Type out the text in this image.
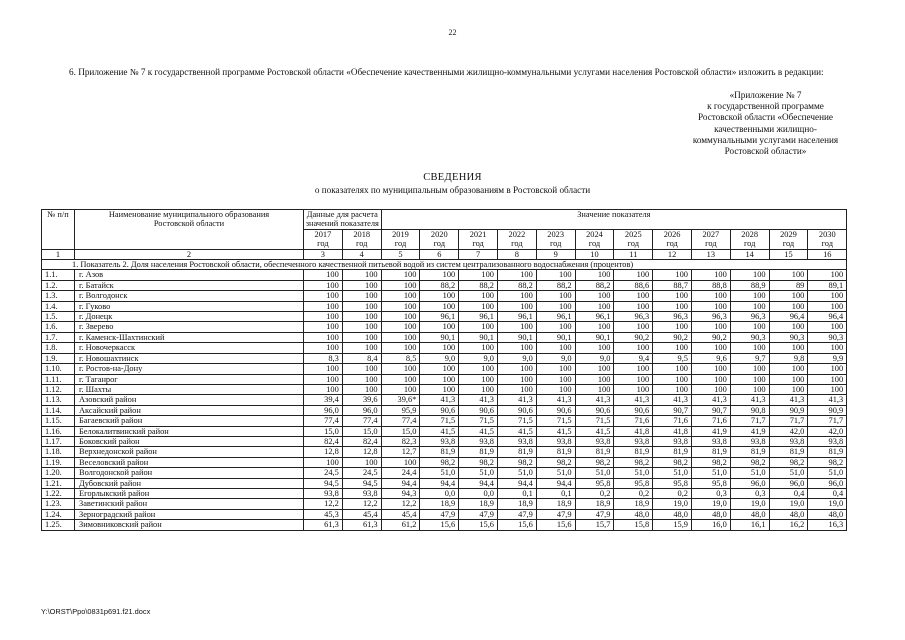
22
6. Приложение № 7 к государственной программе Ростовской области «Обеспечение качественными жилищно-коммунальными услугами населения Ростовской области» изложить в редакции:
«Приложение № 7
к государственной программе
Ростовской области «Обеспечение
качественными жилищно-
коммунальными услугами населения
Ростовской области»
СВЕДЕНИЯ
о показателях по муниципальным образованиям в Ростовской области
№ п/п	Наименование муниципального образования Ростовской области	Данные для расчета значений показателя		Значение показателя											
		2017	2018	2019	2020	2021	2022	2023	2024	2025	2026	2027	2028	2029	2030
		год	год	год	год	год	год	год	год	год	год	год	год	год	год
1	2	3	4	5	6	7	8	9	10	11	12	13	14	15	16
1. Показатель 2. Доля населения Ростовской области, обеспеченного качественной питьевой водой из систем централизованного водоснабжения (процентов)															
1.1.	г. Азов	100	100	100	100	100	100	100	100	100	100	100	100	100	100
1.2.	г. Батайск	100	100	100	88,2	88,2	88,2	88,2	88,2	88,6	88,7	88,8	88,9	89	89,1
1.3.	г. Волгодонск	100	100	100	100	100	100	100	100	100	100	100	100	100	100
1.4.	г. Гуково	100	100	100	100	100	100	100	100	100	100	100	100	100	100
1.5.	г. Донецк	100	100	100	96,1	96,1	96,1	96,1	96,1	96,3	96,3	96,3	96,3	96,4	96,4
1.6.	г. Зверево	100	100	100	100	100	100	100	100	100	100	100	100	100	100
1.7.	г. Каменск-Шахтинский	100	100	100	90,1	90,1	90,1	90,1	90,1	90,2	90,2	90,2	90,3	90,3	90,3
1.8.	г. Новочеркасск	100	100	100	100	100	100	100	100	100	100	100	100	100	100
1.9.	г. Новошахтинск	8,3	8,4	8,5	9,0	9,0	9,0	9,0	9,0	9,4	9,5	9,6	9,7	9,8	9,9
1.10.	г. Ростов-на-Дону	100	100	100	100	100	100	100	100	100	100	100	100	100	100
1.11.	г. Таганрог	100	100	100	100	100	100	100	100	100	100	100	100	100	100
1.12.	г. Шахты	100	100	100	100	100	100	100	100	100	100	100	100	100	100
1.13.	Азовский район	39,4	39,6	39,6*	41,3	41,3	41,3	41,3	41,3	41,3	41,3	41,3	41,3	41,3	41,3
1.14.	Аксайский район	96,0	96,0	95,9	90,6	90,6	90,6	90,6	90,6	90,6	90,7	90,7	90,8	90,9	90,9
1.15.	Багаевский район	77,4	77,4	77,4	71,5	71,5	71,5	71,5	71,5	71,6	71,6	71,6	71,7	71,7	71,7
1.16.	Белокалитвинский район	15,0	15,0	15,0	41,5	41,5	41,5	41,5	41,5	41,8	41,8	41,9	41,9	42,0	42,0
1.17.	Боковский район	82,4	82,4	82,3	93,8	93,8	93,8	93,8	93,8	93,8	93,8	93,8	93,8	93,8	93,8
1.18.	Верхнедонской район	12,8	12,8	12,7	81,9	81,9	81,9	81,9	81,9	81,9	81,9	81,9	81,9	81,9	81,9
1.19.	Веселовский район	100	100	100	98,2	98,2	98,2	98,2	98,2	98,2	98,2	98,2	98,2	98,2	98,2
1.20.	Волгодонской район	24,5	24,5	24,4	51,0	51,0	51,0	51,0	51,0	51,0	51,0	51,0	51,0	51,0	51,0
1.21.	Дубовский район	94,5	94,5	94,4	94,4	94,4	94,4	94,4	95,8	95,8	95,8	95,8	96,0	96,0	96,0
1.22.	Егорлыкский район	93,8	93,8	94,3	0,0	0,0	0,1	0,1	0,2	0,2	0,2	0,3	0,3	0,4	0,4
1.23.	Заветинский район	12,2	12,2	12,2	18,9	18,9	18,9	18,9	18,9	18,9	19,0	19,0	19,0	19,0	19,0
1.24.	Зерноградский район	45,3	45,4	45,4	47,9	47,9	47,9	47,9	47,9	48,0	48,0	48,0	48,0	48,0	48,0
1.25.	Зимовниковский район	61,3	61,3	61,2	15,6	15,6	15,6	15,6	15,7	15,8	15,9	16,0	16,1	16,2	16,3
Y:\ORST\Ppo\0831p691.f21.docx
